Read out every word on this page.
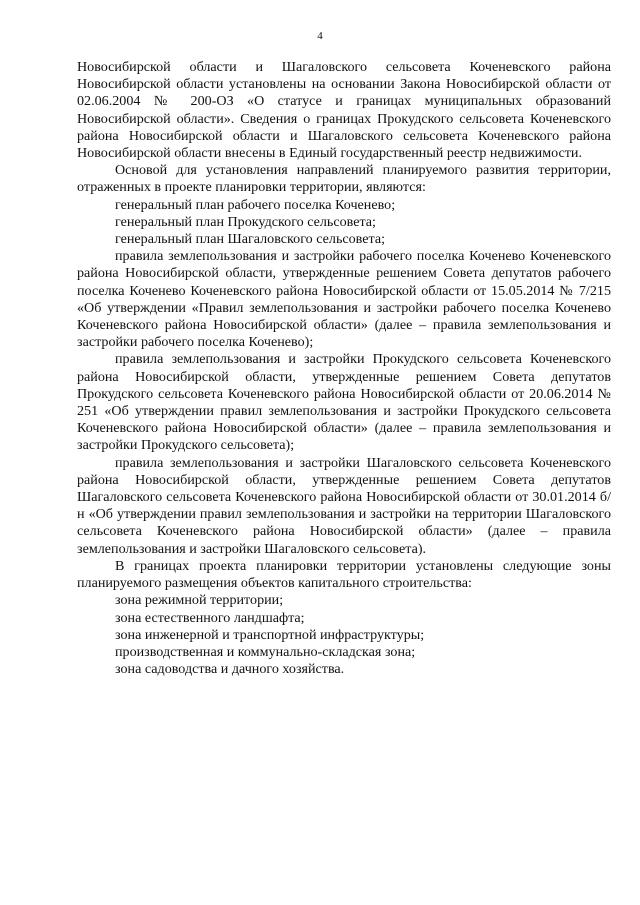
4

Новосибирской области и Шагаловского сельсовета Коченевского района Новосибирской области установлены на основании Закона Новосибирской области от 02.06.2004 № 200-ОЗ «О статусе и границах муниципальных образований Новосибирской области». Сведения о границах Прокудского сельсовета Коченевского района Новосибирской области и Шагаловского сельсовета Коченевского района Новосибирской области внесены в Единый государственный реестр недвижимости.

Основой для установления направлений планируемого развития территории, отраженных в проекте планировки территории, являются:

генеральный план рабочего поселка Коченево;

генеральный план Прокудского сельсовета;

генеральный план Шагаловского сельсовета;

правила землепользования и застройки рабочего поселка Коченево Коченевского района Новосибирской области, утвержденные решением Совета депутатов рабочего поселка Коченево Коченевского района Новосибирской области от 15.05.2014 № 7/215 «Об утверждении «Правил землепользования и застройки рабочего поселка Коченево Коченевского района Новосибирской области» (далее – правила землепользования и застройки рабочего поселка Коченево);

правила землепользования и застройки Прокудского сельсовета Коченевского района Новосибирской области, утвержденные решением Совета депутатов Прокудского сельсовета Коченевского района Новосибирской области от 20.06.2014 № 251 «Об утверждении правил землепользования и застройки Прокудского сельсовета Коченевского района Новосибирской области» (далее – правила землепользования и застройки Прокудского сельсовета);

правила землепользования и застройки Шагаловского сельсовета Коченевского района Новосибирской области, утвержденные решением Совета депутатов Шагаловского сельсовета Коченевского района Новосибирской области от 30.01.2014 б/н «Об утверждении правил землепользования и застройки на территории Шагаловского сельсовета Коченевского района Новосибирской области» (далее – правила землепользования и застройки Шагаловского сельсовета).

В границах проекта планировки территории установлены следующие зоны планируемого размещения объектов капитального строительства:

зона режимной территории;

зона естественного ландшафта;

зона инженерной и транспортной инфраструктуры;

производственная и коммунально-складская зона;

зона садоводства и дачного хозяйства.
